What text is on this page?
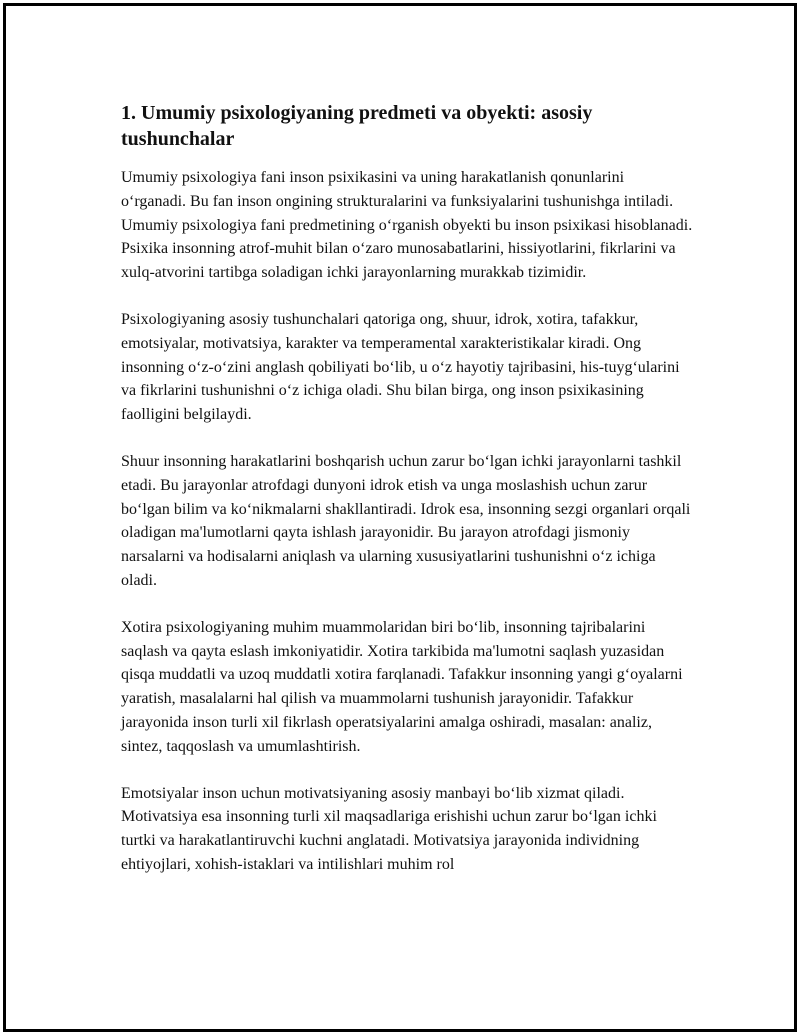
1. Umumiy psixologiyaning predmeti va obyekti: asosiy tushunchalar

Umumiy psixologiya fani inson psixikasini va uning harakatlanish qonunlarini o‘rganadi. Bu fan inson ongining strukturalarini va funksiyalarini tushunishga intiladi. Umumiy psixologiya fani predmetining o‘rganish obyekti bu inson psixikasi hisoblanadi. Psixika insonning atrof-muhit bilan o‘zaro munosabatlarini, hissiyotlarini, fikrlarini va xulq-atvorini tartibga soladigan ichki jarayonlarning murakkab tizimidir.

Psixologiyaning asosiy tushunchalari qatoriga ong, shuur, idrok, xotira, tafakkur, emotsiyalar, motivatsiya, karakter va temperamental xarakteristikalar kiradi. Ong insonning o‘z-o‘zini anglash qobiliyati bo‘lib, u o‘z hayotiy tajribasini, his-tuyg‘ularini va fikrlarini tushunishni o‘z ichiga oladi. Shu bilan birga, ong inson psixikasining faolligini belgilaydi.

Shuur insonning harakatlarini boshqarish uchun zarur bo‘lgan ichki jarayonlarni tashkil etadi. Bu jarayonlar atrofdagi dunyoni idrok etish va unga moslashish uchun zarur bo‘lgan bilim va ko‘nikmalarni shakllantiradi. Idrok esa, insonning sezgi organlari orqali oladigan ma'lumotlarni qayta ishlash jarayonidir. Bu jarayon atrofdagi jismoniy narsalarni va hodisalarni aniqlash va ularning xususiyatlarini tushunishni o‘z ichiga oladi.

Xotira psixologiyaning muhim muammolaridan biri bo‘lib, insonning tajribalarini saqlash va qayta eslash imkoniyatidir. Xotira tarkibida ma'lumotni saqlash yuzasidan qisqa muddatli va uzoq muddatli xotira farqlanadi. Tafakkur insonning yangi g‘oyalarni yaratish, masalalarni hal qilish va muammolarni tushunish jarayonidir. Tafakkur jarayonida inson turli xil fikrlash operatsiyalarini amalga oshiradi, masalan: analiz, sintez, taqqoslash va umumlashtirish.

Emotsiyalar inson uchun motivatsiyaning asosiy manbayi bo‘lib xizmat qiladi. Motivatsiya esa insonning turli xil maqsadlariga erishishi uchun zarur bo‘lgan ichki turtki va harakatlantiruvchi kuchni anglatadi. Motivatsiya jarayonida individning ehtiyojlari, xohish-istaklari va intilishlari muhim rol
